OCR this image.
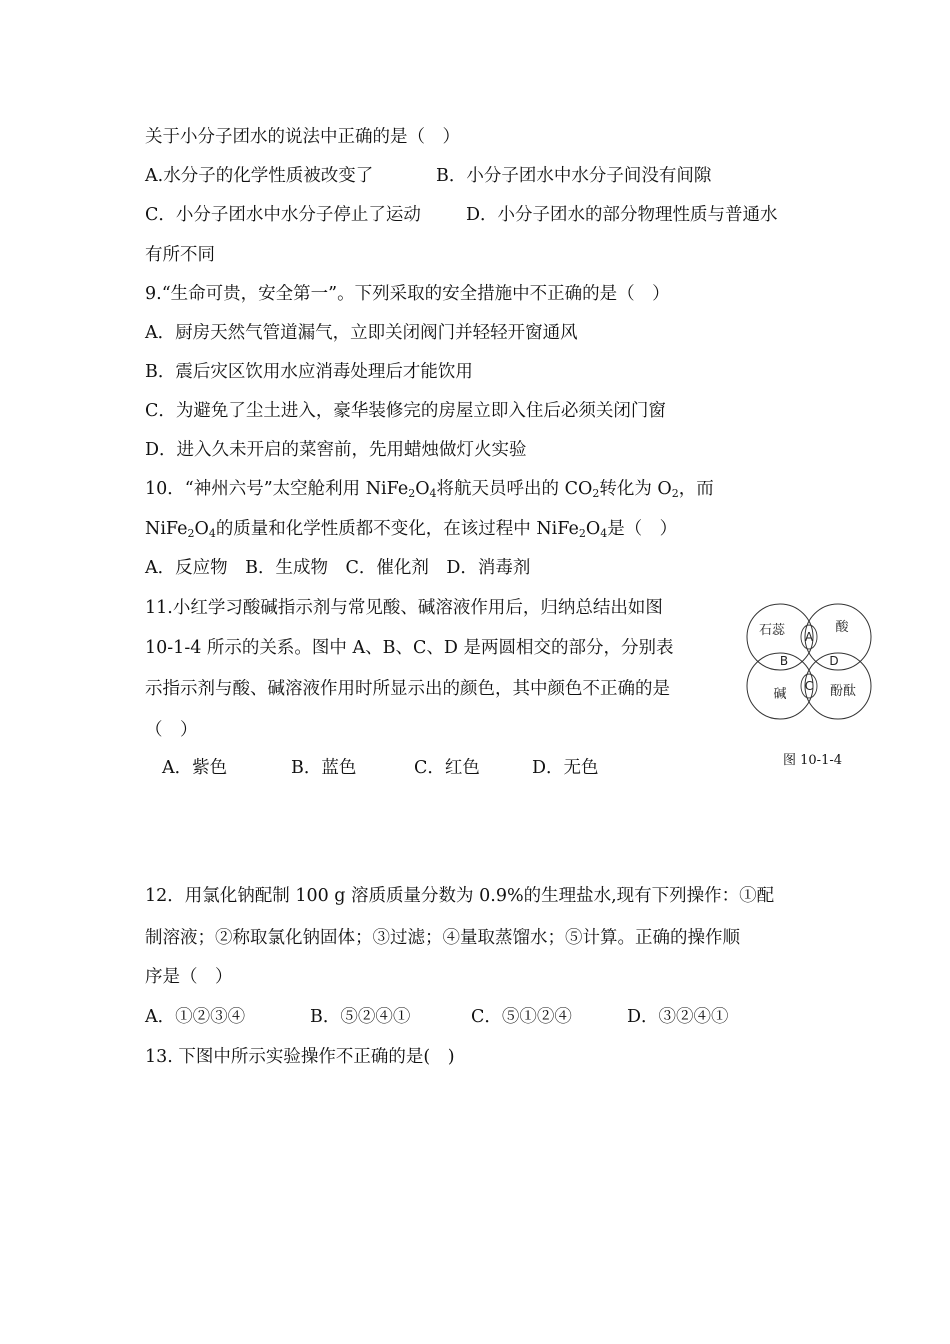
关于小分子团水的说法中正确的是（　）
A.水分子的化学性质被改变了	B．小分子团水中水分子间没有间隙
C．小分子团水中水分子停止了运动	D．小分子团水的部分物理性质与普通水
有所不同
9.“生命可贵，安全第一”。下列采取的安全措施中不正确的是（　）
A．厨房天然气管道漏气，立即关闭阀门并轻轻开窗通风
B．震后灾区饮用水应消毒处理后才能饮用
C．为避免了尘土进入，豪华装修完的房屋立即入住后必须关闭门窗
D．进入久未开启的菜窖前，先用蜡烛做灯火实验
10．“神州六号”太空舱利用 $NiFe_2O_4$将航天员呼出的 $CO_2$转化为 $O_2$，而
$NiFe_2O_4$的质量和化学性质都不变化，在该过程中 $NiFe_2O_4$是（　）
A．反应物　B．生成物　C．催化剂　D．消毒剂
11.小红学习酸碱指示剂与常见酸、碱溶液作用后，归纳总结出如图
10-1-4 所示的关系。图中 A、B、C、D 是两圆相交的部分，分别表
示指示剂与酸、碱溶液作用时所显示出的颜色，其中颜色不正确的是
（　）
A．紫色	B．蓝色	C．红色	D．无色
石蕊	酸
碱	酚酞
A
B
C
D
图 10-1-4
12．用氯化钠配制 100 g 溶质质量分数为 0.9%的生理盐水,现有下列操作：①配
制溶液；②称取氯化钠固体；③过滤；④量取蒸馏水；⑤计算。正确的操作顺
序是（　）
A．①②③④	B．⑤②④①	C．⑤①②④	D．③②④①
13. 下图中所示实验操作不正确的是(　)
